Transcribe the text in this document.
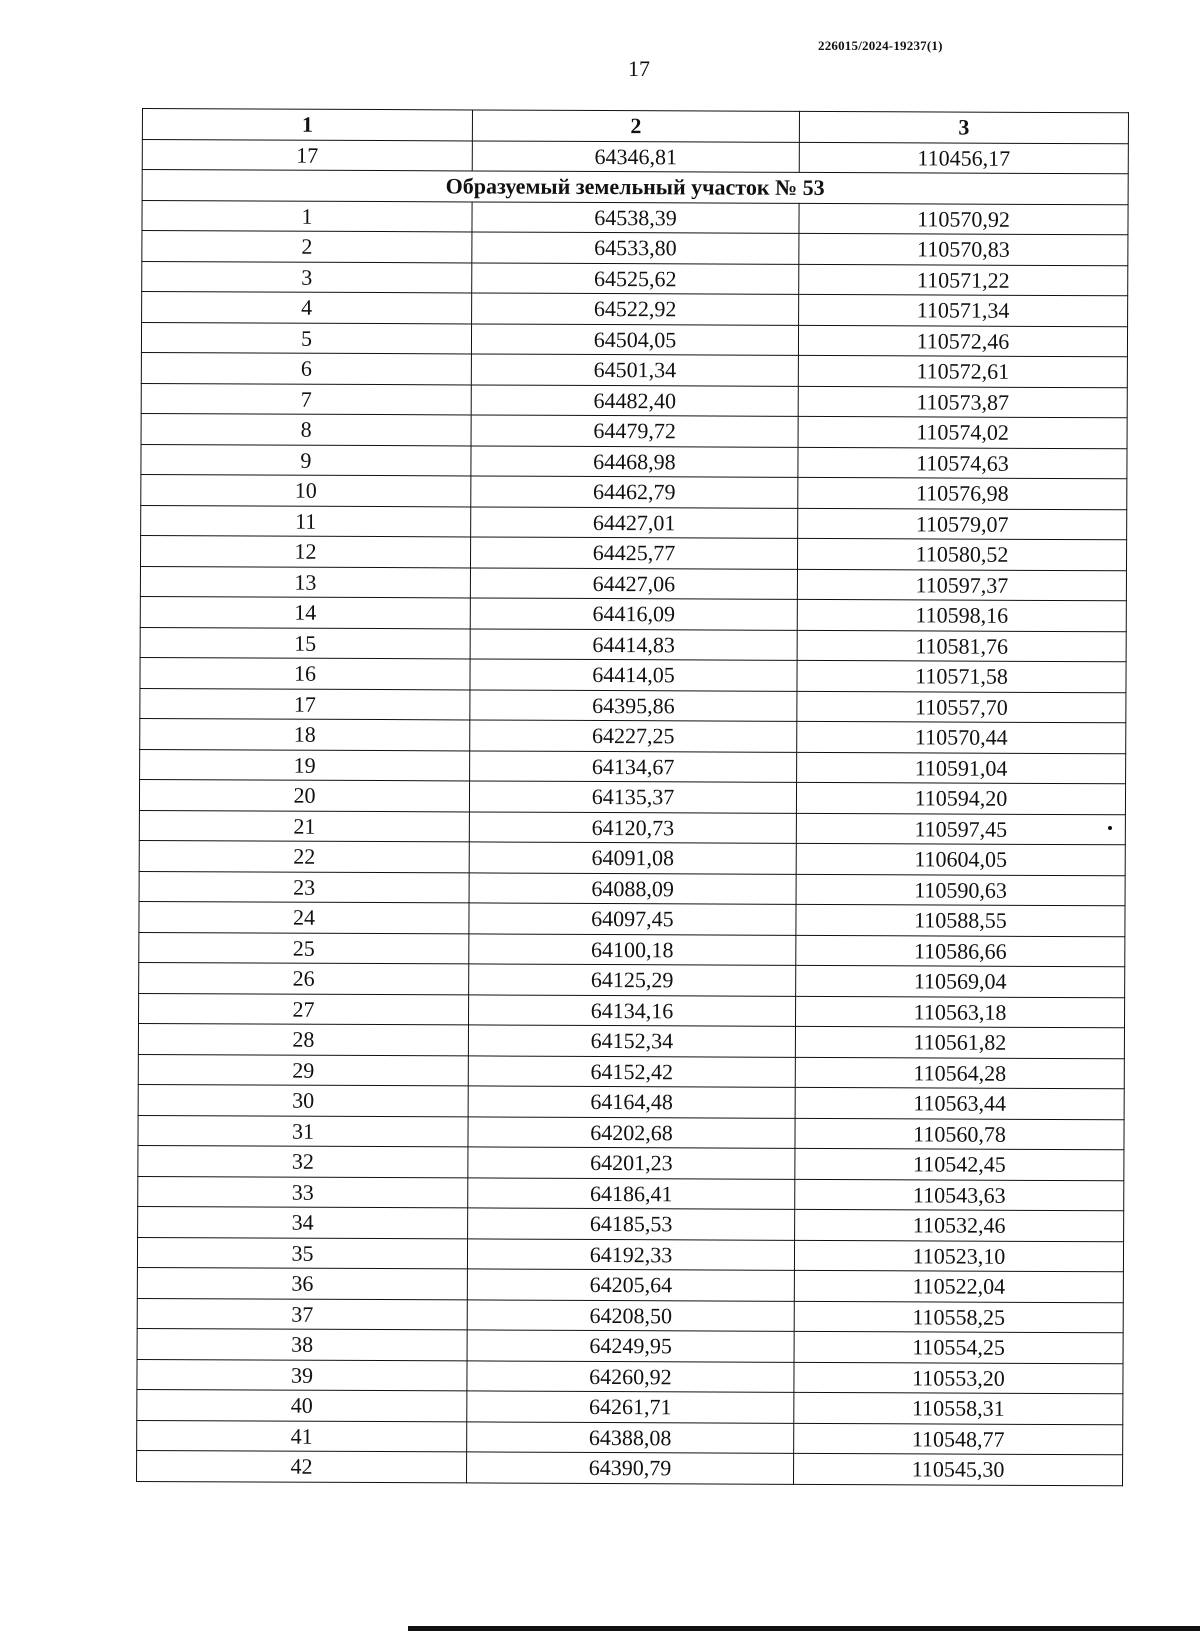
226015/2024-19237(1)
17
1	2	3
17	64346,81	110456,17
Образуемый земельный участок № 53		
1	64538,39	110570,92
2	64533,80	110570,83
3	64525,62	110571,22
4	64522,92	110571,34
5	64504,05	110572,46
6	64501,34	110572,61
7	64482,40	110573,87
8	64479,72	110574,02
9	64468,98	110574,63
10	64462,79	110576,98
11	64427,01	110579,07
12	64425,77	110580,52
13	64427,06	110597,37
14	64416,09	110598,16
15	64414,83	110581,76
16	64414,05	110571,58
17	64395,86	110557,70
18	64227,25	110570,44
19	64134,67	110591,04
20	64135,37	110594,20
21	64120,73	110597,45
22	64091,08	110604,05
23	64088,09	110590,63
24	64097,45	110588,55
25	64100,18	110586,66
26	64125,29	110569,04
27	64134,16	110563,18
28	64152,34	110561,82
29	64152,42	110564,28
30	64164,48	110563,44
31	64202,68	110560,78
32	64201,23	110542,45
33	64186,41	110543,63
34	64185,53	110532,46
35	64192,33	110523,10
36	64205,64	110522,04
37	64208,50	110558,25
38	64249,95	110554,25
39	64260,92	110553,20
40	64261,71	110558,31
41	64388,08	110548,77
42	64390,79	110545,30
